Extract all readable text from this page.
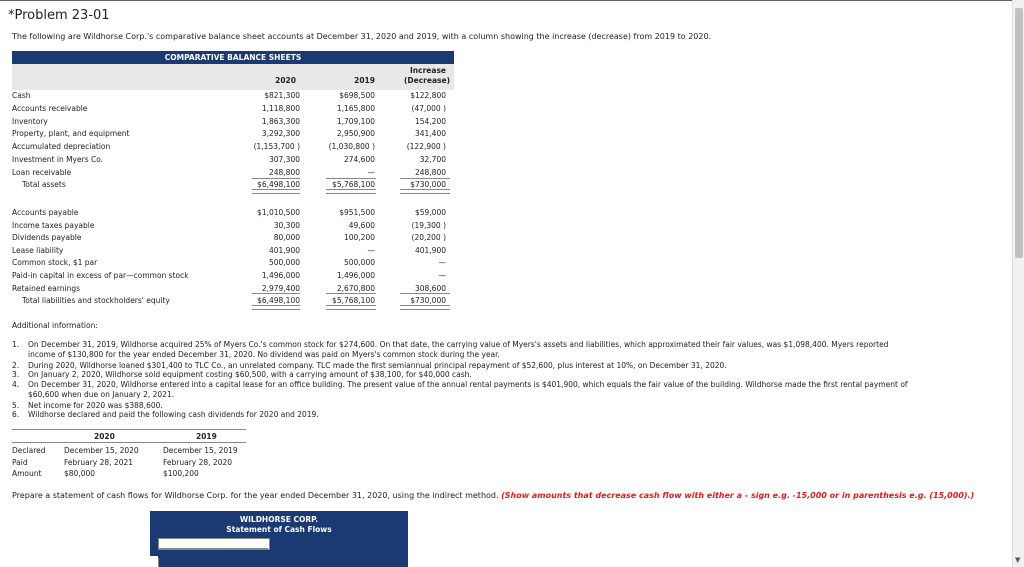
▼
*Problem 23-01
The following are Wildhorse Corp.'s comparative balance sheet accounts at December 31, 2020 and 2019, with a column showing the increase (decrease) from 2019 to 2020.
COMPARATIVE BALANCE SHEETS
2020	2019
Increase
(Decrease)
Cash	$821,300	$698,500	$122,800
Accounts receivable	1,118,800	1,165,800	(47,000 )
Inventory	1,863,300	1,709,100	154,200
Property, plant, and equipment	3,292,300	2,950,900	341,400
Accumulated depreciation	(1,153,700 )	(1,030,800 )	(122,900 )
Investment in Myers Co.	307,300	274,600	32,700
Loan receivable	248,800	—	248,800
Total assets	$6,498,100	$5,768,100	$730,000
Accounts payable	$1,010,500	$951,500	$59,000
Income taxes payable	30,300	49,600	(19,300 )
Dividends payable	80,000	100,200	(20,200 )
Lease liability	401,900	—	401,900
Common stock, $1 par	500,000	500,000	—
Paid-in capital in excess of par—common stock	1,496,000	1,496,000	—
Retained earnings	2,979,400	2,670,800	308,600
Total liabilities and stockholders' equity	$6,498,100	$5,768,100	$730,000
Additional information:
1. On December 31, 2019, Wildhorse acquired 25% of Myers Co.'s common stock for $274,600. On that date, the carrying value of Myers's assets and liabilities, which approximated their fair values, was $1,098,400. Myers reported
income of $130,800 for the year ended December 31, 2020. No dividend was paid on Myers's common stock during the year.
2. During 2020, Wildhorse loaned $301,400 to TLC Co., an unrelated company. TLC made the first semiannual principal repayment of $52,600, plus interest at 10%, on December 31, 2020.
3. On January 2, 2020, Wildhorse sold equipment costing $60,500, with a carrying amount of $38,100, for $40,000 cash.
4. On December 31, 2020, Wildhorse entered into a capital lease for an office building. The present value of the annual rental payments is $401,900, which equals the fair value of the building. Wildhorse made the first rental payment of
$60,600 when due on January 2, 2021.
5. Net income for 2020 was $388,600.
6. Wildhorse declared and paid the following cash dividends for 2020 and 2019.
2020	2019
Declared December 15, 2020	December 15, 2019
Paid	February 28, 2021	February 28, 2020
Amount	$80,000	$100,200
Prepare a statement of cash flows for Wildhorse Corp. for the year ended December 31, 2020, using the indirect method. (Show amounts that decrease cash flow with either a - sign e.g. -15,000 or in parenthesis e.g. (15,000).)
WILDHORSE CORP.
Statement of Cash Flows
